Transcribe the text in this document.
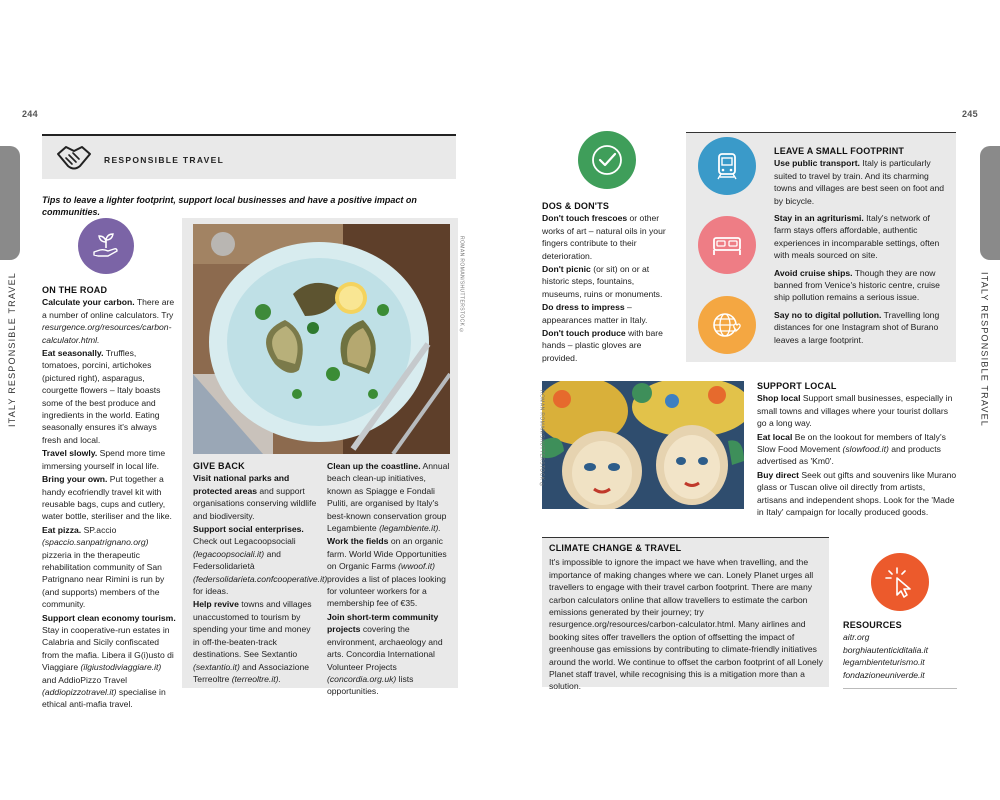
244	245
ITALY RESPONSIBLE TRAVEL	ITALY RESPONSIBLE TRAVEL
RESPONSIBLE TRAVEL
Tips to leave a lighter footprint, support local businesses and have a positive impact on communities.
ON THE ROAD

Calculate your carbon. There are a number of online calculators. Try resurgence.org/resources/carbon-calculator.html.

Eat seasonally. Truffles, tomatoes, porcini, artichokes (pictured right), asparagus, courgette flowers – Italy boasts some of the best produce and ingredients in the world. Eating seasonally ensures it's always fresh and local.

Travel slowly. Spend more time immersing yourself in local life.

Bring your own. Put together a handy ecofriendly travel kit with reusable bags, cups and cutlery, water bottle, steriliser and the like.

Eat pizza. SP.accio (spaccio.sanpatrignano.org) pizzeria in the therapeutic rehabilitation community of San Patrignano near Rimini is run by (and supports) members of the community.

Support clean economy tourism. Stay in cooperative-run estates in Calabria and Sicily confiscated from the mafia. Libera il G(i)usto di Viaggiare (ilgiustodiviaggiare.it) and AddioPizzo Travel (addiopizzotravel.it) specialise in ethical anti-mafia travel.

ROMAN ROMAN/SHUTTERSTOCK ©
GIVE BACK

Visit national parks and protected areas and support organisations conserving wildlife and biodiversity.

Support social enterprises. Check out Legacoopsociali (legacoopsociali.it) and Federsolidarietà (federsolidarieta.confcooperative.it) for ideas.

Help revive towns and villages unaccustomed to tourism by spending your time and money in off-the-beaten-track destinations. See Sextantio (sextantio.it) and Associazione Terreoltre (terreoltre.it).

Clean up the coastline. Annual beach clean-up initiatives, known as Spiagge e Fondali Puliti, are organised by Italy's best-known conservation group Legambiente (legambiente.it).

Work the fields on an organic farm. World Wide Opportunities on Organic Farms (wwoof.it) provides a list of places looking for volunteer workers for a membership fee of €35.

Join short-term community projects covering the environment, archaeology and arts. Concordia International Volunteer Projects (concordia.org.uk) lists opportunities.

DOS & DON'TS

Don't touch frescoes or other works of art – natural oils in your fingers contribute to their deterioration.

Don't picnic (or sit) on or at historic steps, fountains, museums, ruins or monuments.

Do dress to impress – appearances matter in Italy.

Don't touch produce with bare hands – plastic gloves are provided.

LEAVE A SMALL FOOTPRINT

Use public transport. Italy is particularly suited to travel by train. And its charming towns and villages are best seen on foot and by bicycle.

Stay in an agriturismi. Italy's network of farm stays offers affordable, authentic experiences in incomparable settings, often with meals sourced on site.

Avoid cruise ships. Though they are now banned from Venice's historic centre, cruise ship pollution remains a serious issue.

Say no to digital pollution. Travelling long distances for one Instagram shot of Burano leaves a large footprint.

ROMAN ROMAN/SHUTTERSTOCK ©
SUPPORT LOCAL

Shop local Support small businesses, especially in small towns and villages where your tourist dollars go a long way.

Eat local Be on the lookout for members of Italy's Slow Food Movement (slowfood.it) and products advertised as 'Km0'.

Buy direct Seek out gifts and souvenirs like Murano glass or Tuscan olive oil directly from artists, artisans and independent shops. Look for the 'Made in Italy' campaign for locally produced goods.

CLIMATE CHANGE & TRAVEL

It's impossible to ignore the impact we have when travelling, and the importance of making changes where we can. Lonely Planet urges all travellers to engage with their travel carbon footprint. There are many carbon calculators online that allow travellers to estimate the carbon emissions generated by their journey; try resurgence.org/resources/carbon-calculator.html. Many airlines and booking sites offer travellers the option of offsetting the impact of greenhouse gas emissions by contributing to climate-friendly initiatives around the world. We continue to offset the carbon footprint of all Lonely Planet staff travel, while recognising this is a mitigation more than a solution.

RESOURCES
aitr.org
borghiautenticiditalia.it
legambienteturismo.it
fondazioneuniverde.it
